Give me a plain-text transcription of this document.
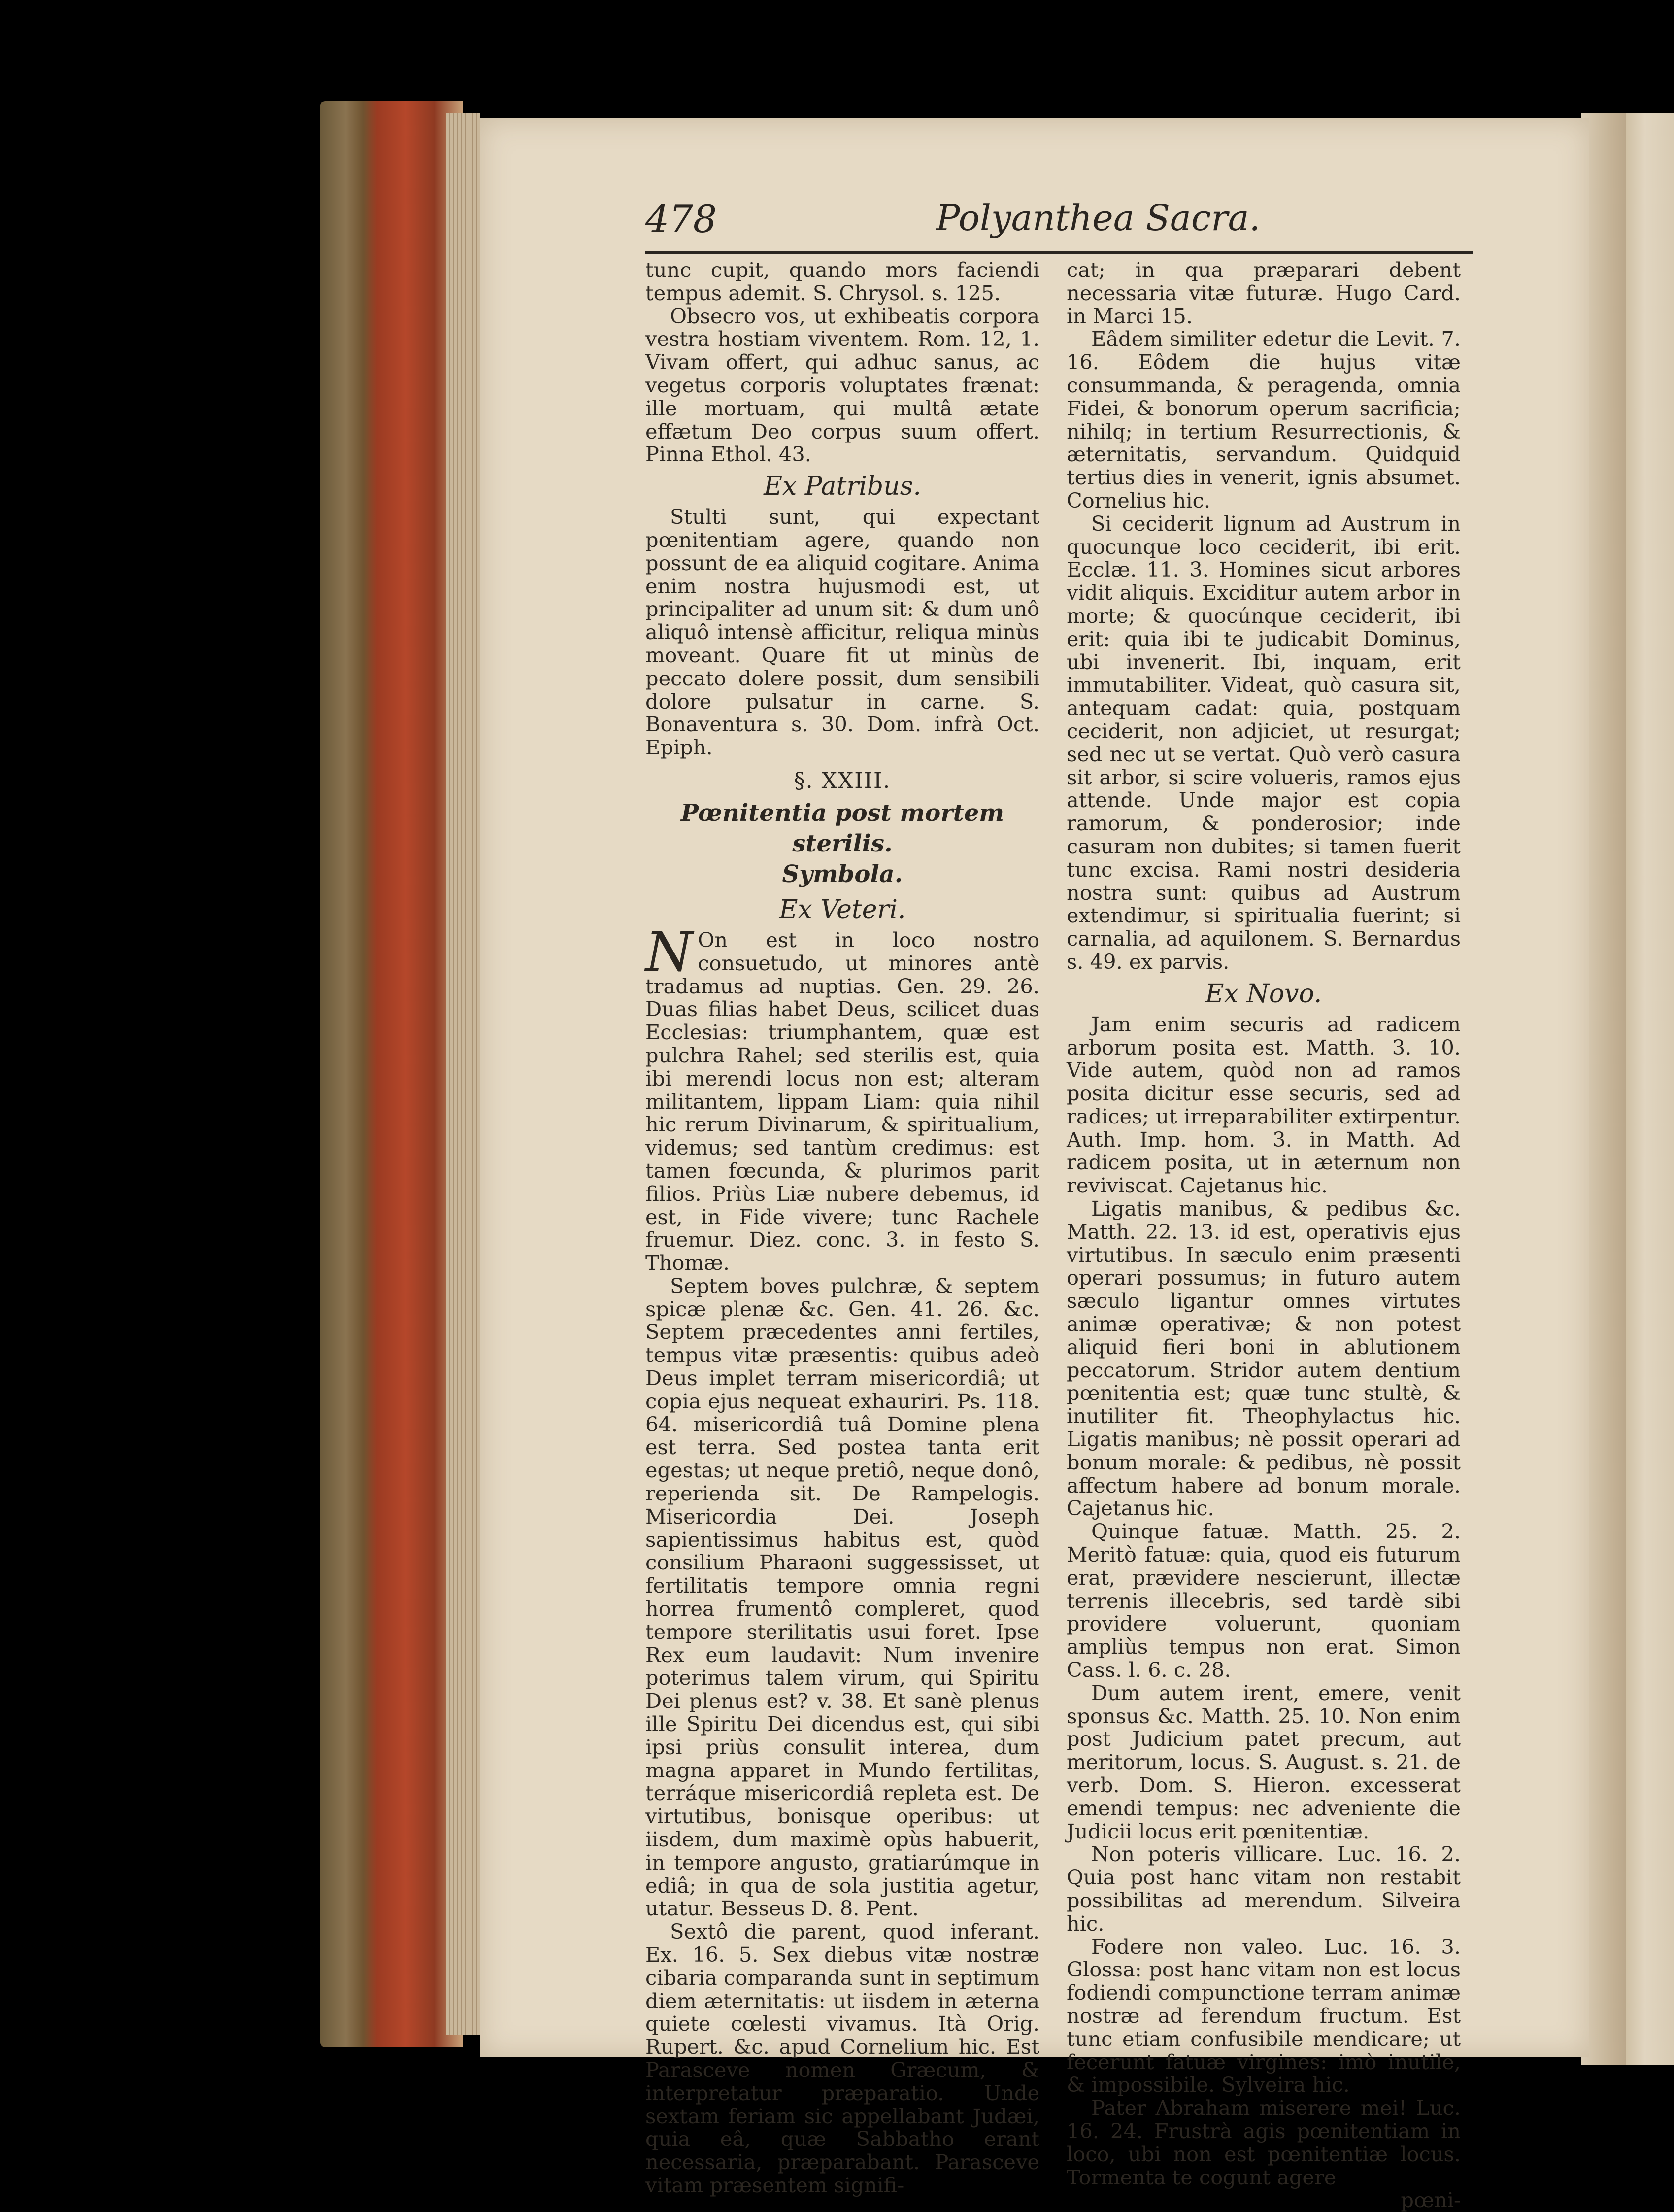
478	Polyanthea Sacra.

tunc cupit, quando mors faciendi tempus ademit. S. Chrysol. s. 125.

Obsecro vos, ut exhibeatis corpora vestra hostiam viventem. Rom. 12, 1. Vivam offert, qui adhuc sanus, ac vegetus corporis voluptates frænat: ille mortuam, qui multâ ætate effætum Deo corpus suum offert. Pinna Ethol. 43.

Ex Patribus.

Stulti sunt, qui expectant pœnitentiam agere, quando non possunt de ea aliquid cogitare. Anima enim nostra hujusmodi est, ut principaliter ad unum sit: & dum unô aliquô intensè afficitur, reliqua minùs moveant. Quare fit ut minùs de peccato dolere possit, dum sensibili dolore pulsatur in carne. S. Bonaventura s. 30. Dom. infrà Oct. Epiph.

§. XXIII.
Pœnitentia post mortem sterilis.
Symbola.
Ex Veteri.

N On est in loco nostro consuetudo, ut minores antè tradamus ad nuptias. Gen. 29. 26. Duas filias habet Deus, scilicet duas Ecclesias: triumphantem, quæ est pulchra Rahel; sed sterilis est, quia ibi merendi locus non est; alteram militantem, lippam Liam: quia nihil hic rerum Divinarum, & spiritualium, videmus; sed tantùm credimus: est tamen fœcunda, & plurimos parit filios. Priùs Liæ nubere debemus, id est, in Fide vivere; tunc Rachele fruemur. Diez. conc. 3. in festo S. Thomæ.

Septem boves pulchræ, & septem spicæ plenæ &c. Gen. 41. 26. &c. Septem præcedentes anni fertiles, tempus vitæ præsentis: quibus adeò Deus implet terram misericordiâ; ut copia ejus nequeat exhauriri. Ps. 118. 64. misericordiâ tuâ Domine plena est terra. Sed postea tanta erit egestas; ut neque pretiô, neque donô, reperienda sit. De Rampelogis. Misericordia Dei. Joseph sapientissimus habitus est, quòd consilium Pharaoni suggessisset, ut fertilitatis tempore omnia regni horrea frumentô compleret, quod tempore sterilitatis usui foret. Ipse Rex eum laudavit: Num invenire poterimus talem virum, qui Spiritu Dei plenus est? v. 38. Et sanè plenus ille Spiritu Dei dicendus est, qui sibi ipsi priùs consulit interea, dum magna apparet in Mundo fertilitas, terráque misericordiâ repleta est. De virtutibus, bonisque operibus: ut iisdem, dum maximè opùs habuerit, in tempore angusto, gratiarúmque in ediâ; in qua de sola justitia agetur, utatur. Besseus D. 8. Pent.

Sextô die parent, quod inferant. Ex. 16. 5. Sex diebus vitæ nostræ cibaria comparanda sunt in septimum diem æternitatis: ut iisdem in æterna quiete cœlesti vivamus. Ità Orig. Rupert. &c. apud Cornelium hic. Est Parasceve nomen Græcum, & interpretatur præparatio. Unde sextam feriam sic appellabant Judæi, quia eâ, quæ Sabbatho erant necessaria, præparabant. Parasceve vitam præsentem signifi-

cat; in qua præparari debent necessaria vitæ futuræ. Hugo Card. in Marci 15.

Eâdem similiter edetur die Levit. 7. 16. Eôdem die hujus vitæ consummanda, & peragenda, omnia Fidei, & bonorum operum sacrificia; nihilq; in tertium Resurrectionis, & æternitatis, servandum. Quidquid tertius dies in venerit, ignis absumet. Cornelius hic.

Si ceciderit lignum ad Austrum in quocunque loco ceciderit, ibi erit. Ecclæ. 11. 3. Homines sicut arbores vidit aliquis. Exciditur autem arbor in morte; & quocúnque ceciderit, ibi erit: quia ibi te judicabit Dominus, ubi invenerit. Ibi, inquam, erit immutabiliter. Videat, quò casura sit, antequam cadat: quia, postquam ceciderit, non adjiciet, ut resurgat; sed nec ut se vertat. Quò verò casura sit arbor, si scire volueris, ramos ejus attende. Unde major est copia ramorum, & ponderosior; inde casuram non dubites; si tamen fuerit tunc excisa. Rami nostri desideria nostra sunt: quibus ad Austrum extendimur, si spiritualia fuerint; si carnalia, ad aquilonem. S. Bernardus s. 49. ex parvis.

Ex Novo.

Jam enim securis ad radicem arborum posita est. Matth. 3. 10. Vide autem, quòd non ad ramos posita dicitur esse securis, sed ad radices; ut irreparabiliter extirpentur. Auth. Imp. hom. 3. in Matth. Ad radicem posita, ut in æternum non reviviscat. Cajetanus hic.

Ligatis manibus, & pedibus &c. Matth. 22. 13. id est, operativis ejus virtutibus. In sæculo enim præsenti operari possumus; in futuro autem sæculo ligantur omnes virtutes animæ operativæ; & non potest aliquid fieri boni in ablutionem peccatorum. Stridor autem dentium pœnitentia est; quæ tunc stultè, & inutiliter fit. Theophylactus hic. Ligatis manibus; nè possit operari ad bonum morale: & pedibus, nè possit affectum habere ad bonum morale. Cajetanus hic.

Quinque fatuæ. Matth. 25. 2. Meritò fatuæ: quia, quod eis futurum erat, prævidere nescierunt, illectæ terrenis illecebris, sed tardè sibi providere voluerunt, quoniam ampliùs tempus non erat. Simon Cass. l. 6. c. 28.

Dum autem irent, emere, venit sponsus &c. Matth. 25. 10. Non enim post Judicium patet precum, aut meritorum, locus. S. August. s. 21. de verb. Dom. S. Hieron. excesserat emendi tempus: nec adveniente die Judicii locus erit pœnitentiæ.

Non poteris villicare. Luc. 16. 2. Quia post hanc vitam non restabit possibilitas ad merendum. Silveira hic.

Fodere non valeo. Luc. 16. 3. Glossa: post hanc vitam non est locus fodiendi compunctione terram animæ nostræ ad ferendum fructum. Est tunc etiam confusibile mendicare; ut fecerunt fatuæ virgines: imò inutile, & impossibile. Sylveira hic.

Pater Abraham miserere mei! Luc. 16. 24. Frustrà agis pœnitentiam in loco, ubi non est pœnitentiæ locus. Tormenta te cogunt agere

pœni-
